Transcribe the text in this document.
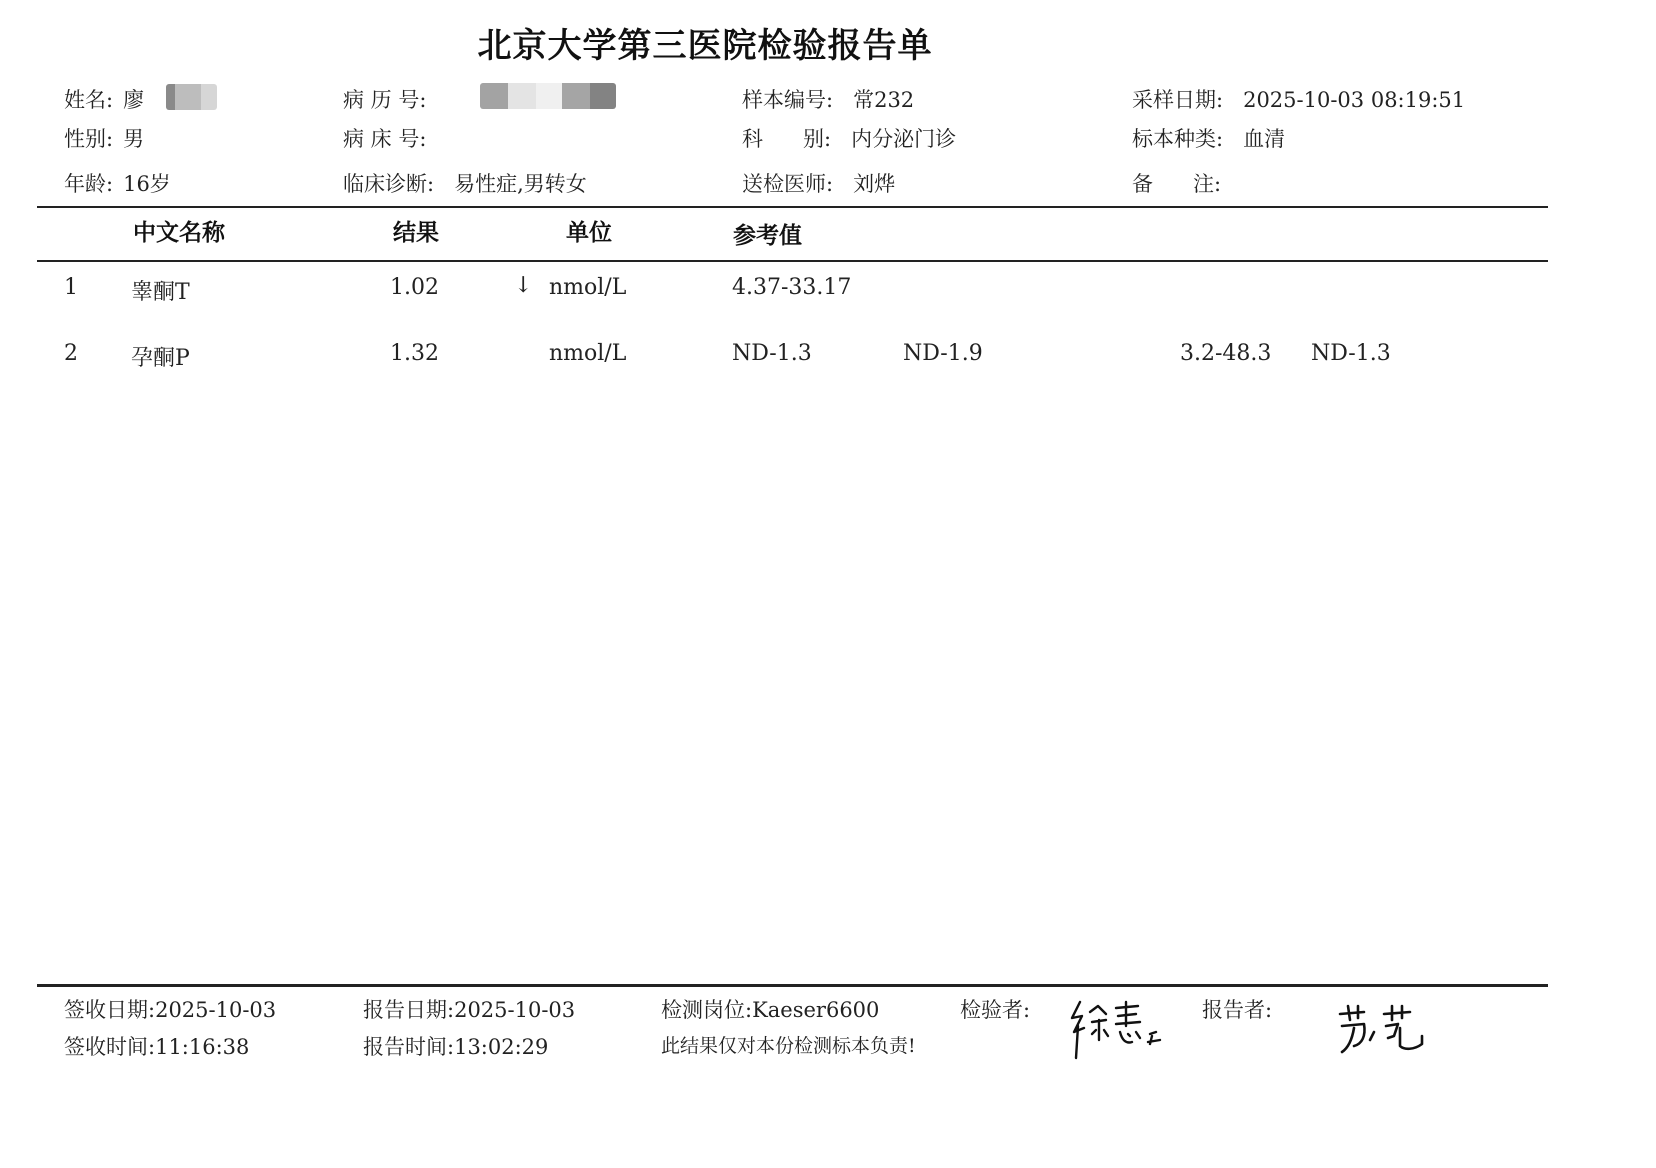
北京大学第三医院检验报告单
姓名: 廖
性别: 男
年龄: 16岁
病 历 号:
病 床 号:
临床诊断: 易性症,男转女
样本编号: 常232
科      别: 内分泌门诊
送检医师: 刘烨
采样日期: 2025-10-03 08:19:51
标本种类: 血清
备      注:
中文名称	结果	单位	参考值
1 睾酮T	1.02	↓ nmol/L	4.37-33.17
2 孕酮P	1.32	nmol/L	ND-1.3	ND-1.9	3.2-48.3 ND-1.3
签收日期:2025-10-03
签收时间:11:16:38
报告日期:2025-10-03
报告时间:13:02:29
检测岗位:Kaeser6600
此结果仅对本份检测标本负责!
检验者:	报告者:
